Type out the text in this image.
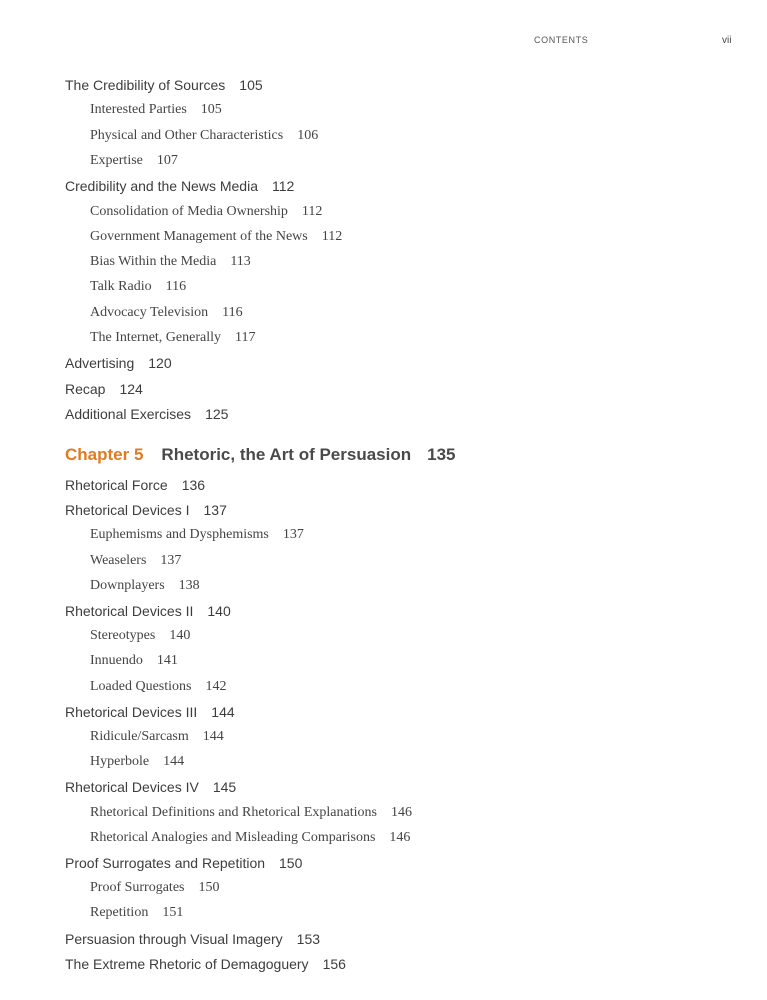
CONTENTS	vii
The Credibility of Sources 105
Interested Parties 105
Physical and Other Characteristics 106
Expertise 107
Credibility and the News Media 112
Consolidation of Media Ownership 112
Government Management of the News 112
Bias Within the Media 113
Talk Radio 116
Advocacy Television 116
The Internet, Generally 117
Advertising 120
Recap 124
Additional Exercises 125
Chapter 5 Rhetoric, the Art of Persuasion 135
Rhetorical Force 136
Rhetorical Devices I 137
Euphemisms and Dysphemisms 137
Weaselers 137
Downplayers 138
Rhetorical Devices II 140
Stereotypes 140
Innuendo 141
Loaded Questions 142
Rhetorical Devices III 144
Ridicule/Sarcasm 144
Hyperbole 144
Rhetorical Devices IV 145
Rhetorical Definitions and Rhetorical Explanations 146
Rhetorical Analogies and Misleading Comparisons 146
Proof Surrogates and Repetition 150
Proof Surrogates 150
Repetition 151
Persuasion through Visual Imagery 153
The Extreme Rhetoric of Demagoguery 156
